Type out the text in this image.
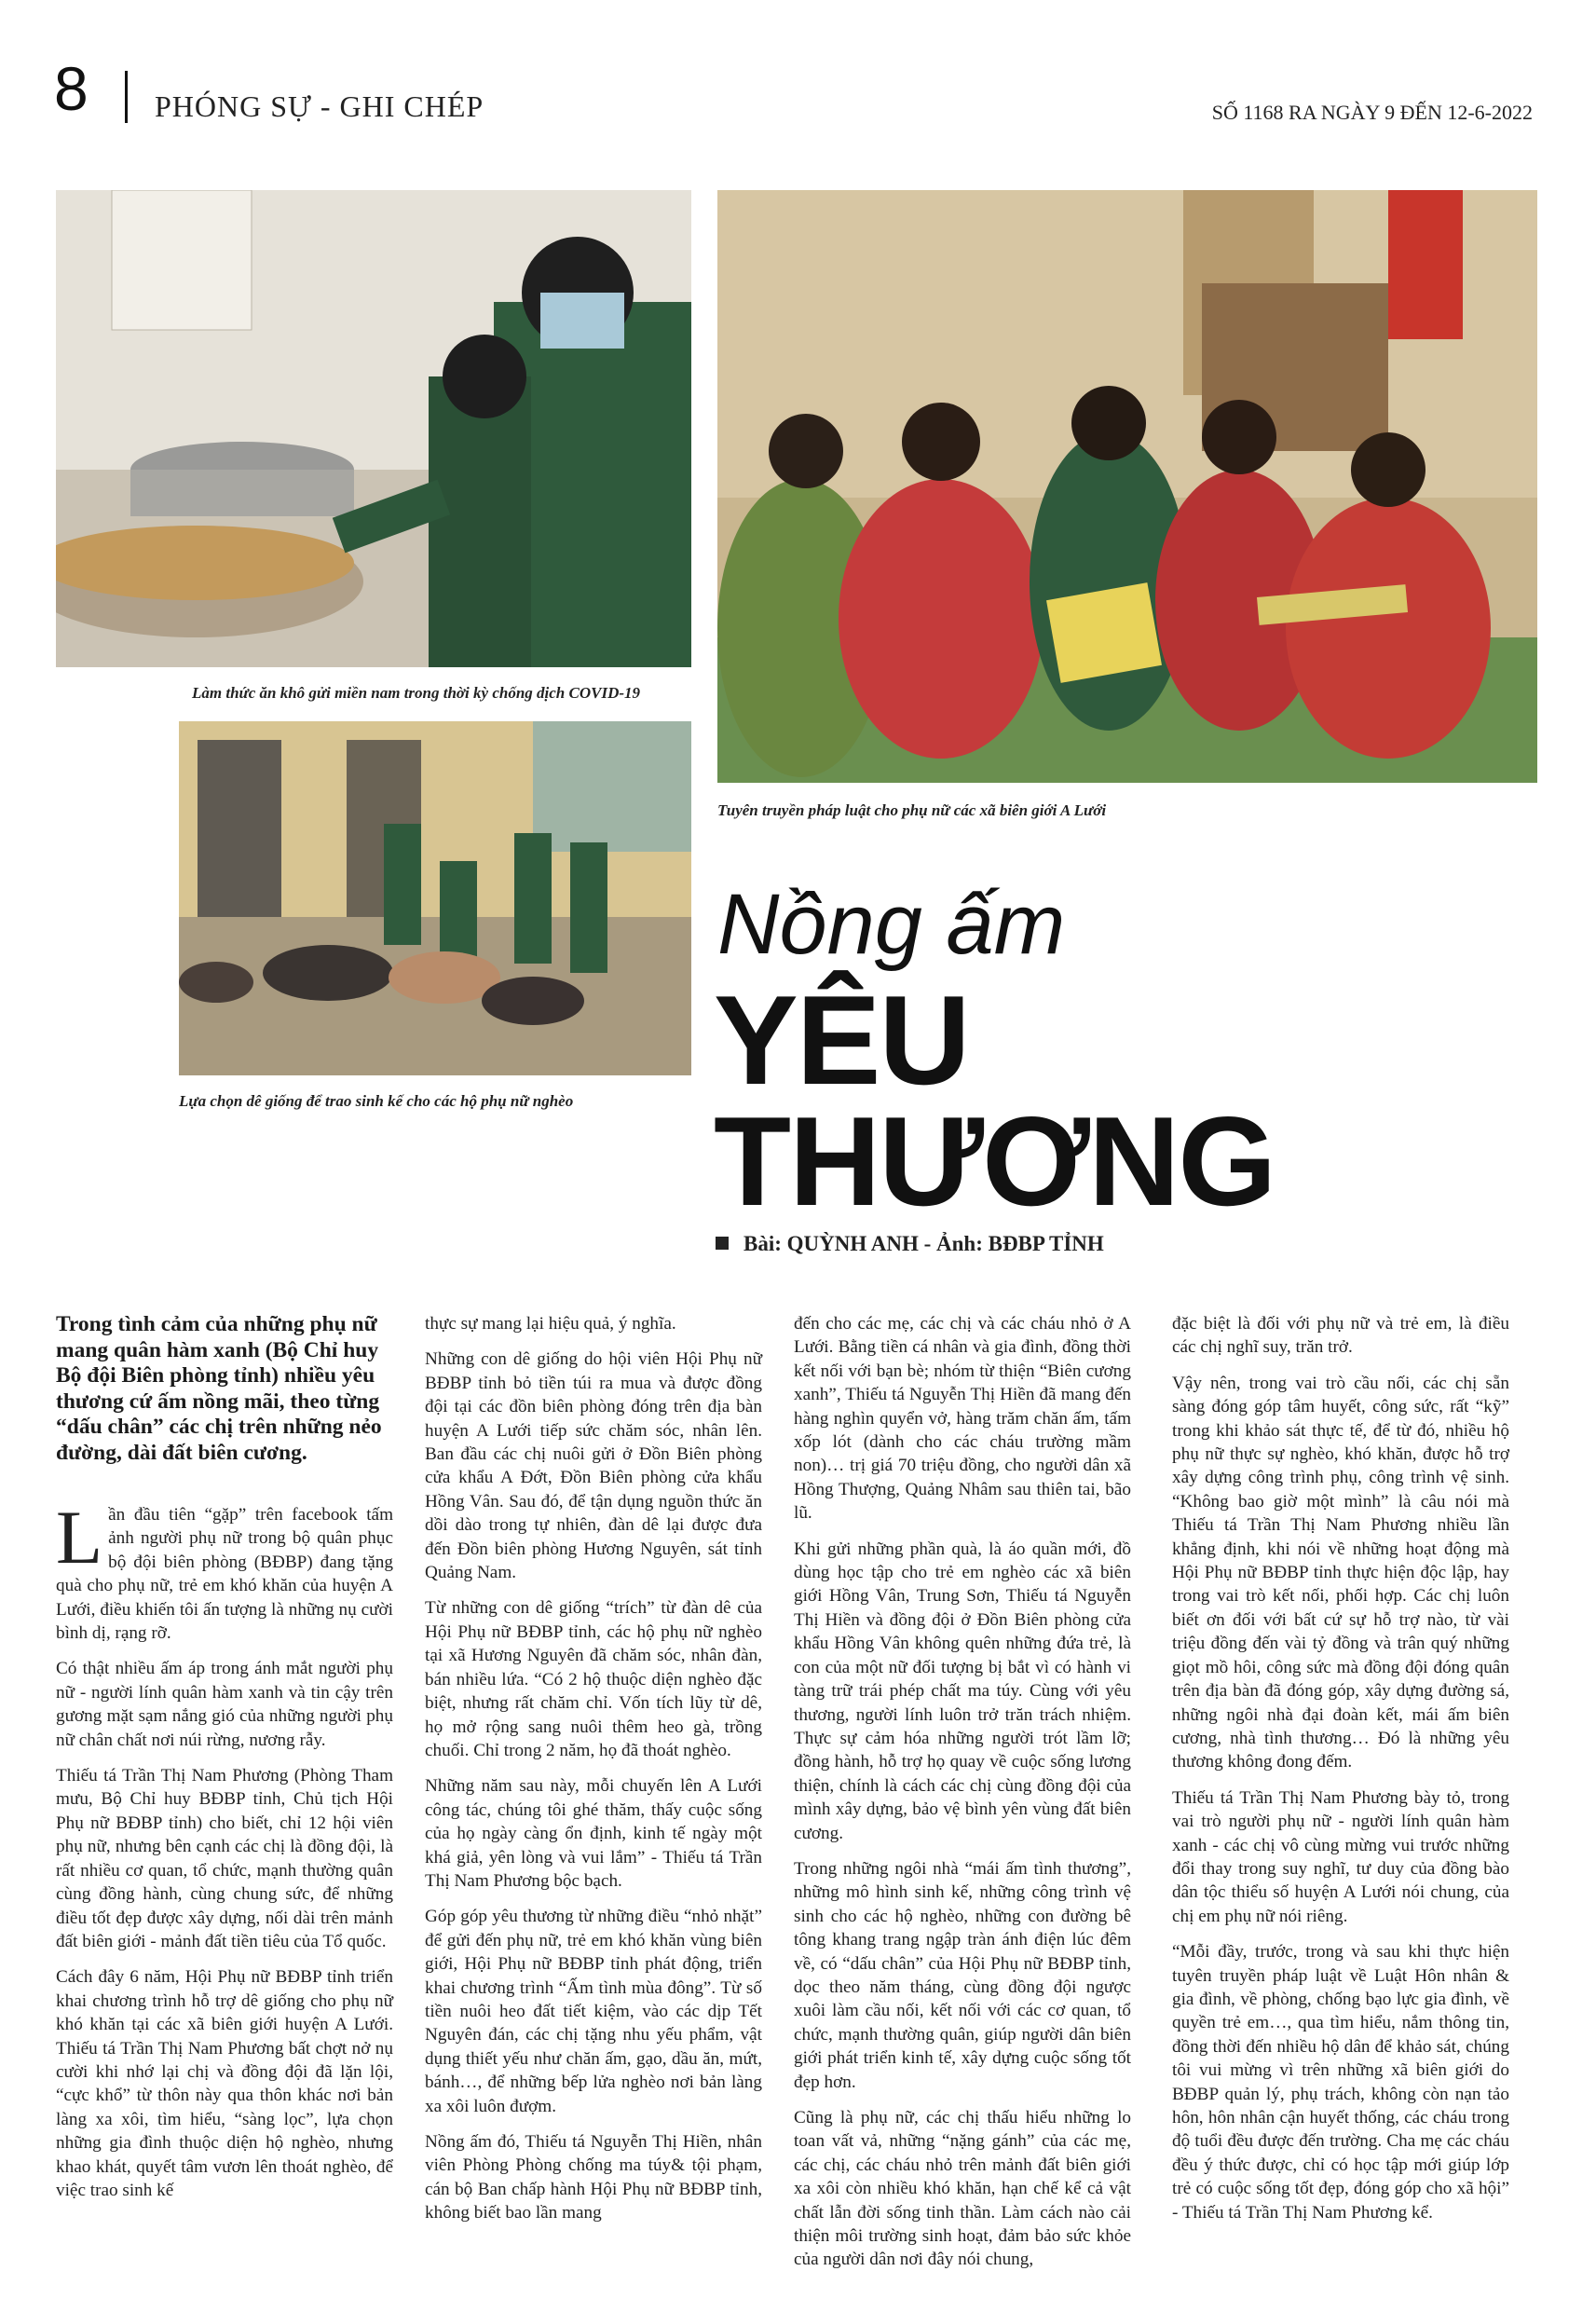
8 PHÓNG SỰ - GHI CHÉP	SỐ 1168 RA NGÀY 9 ĐẾN 12-6-2022
Làm thức ăn khô gửi miền nam trong thời kỳ chống dịch COVID-19
Tuyên truyền pháp luật cho phụ nữ các xã biên giới A Lưới
Lựa chọn dê giống để trao sinh kế cho các hộ phụ nữ nghèo
Nồng ấm
YÊU
THƯƠNG
Bài: QUỲNH ANH - Ảnh: BĐBP TỈNH

Trong tình cảm của những phụ nữ mang quân hàm xanh (Bộ Chỉ huy Bộ đội Biên phòng tỉnh) nhiều yêu thương cứ ấm nồng mãi, theo từng “dấu chân” các chị trên những nẻo đường, dài đất biên cương.

Lần đầu tiên “gặp” trên facebook tấm ảnh người phụ nữ trong bộ quân phục bộ đội biên phòng (BĐBP) đang tặng quà cho phụ nữ, trẻ em khó khăn của huyện A Lưới, điều khiến tôi ấn tượng là những nụ cười bình dị, rạng rỡ.

Có thật nhiều ấm áp trong ánh mắt người phụ nữ - người lính quân hàm xanh và tin cậy trên gương mặt sạm nắng gió của những người phụ nữ chân chất nơi núi rừng, nương rẫy.

Thiếu tá Trần Thị Nam Phương (Phòng Tham mưu, Bộ Chỉ huy BĐBP tỉnh, Chủ tịch Hội Phụ nữ BĐBP tỉnh) cho biết, chỉ 12 hội viên phụ nữ, nhưng bên cạnh các chị là đồng đội, là rất nhiều cơ quan, tổ chức, mạnh thường quân cùng đồng hành, cùng chung sức, để những điều tốt đẹp được xây dựng, nối dài trên mảnh đất biên giới - mảnh đất tiền tiêu của Tổ quốc.

Cách đây 6 năm, Hội Phụ nữ BĐBP tỉnh triển khai chương trình hỗ trợ dê giống cho phụ nữ khó khăn tại các xã biên giới huyện A Lưới. Thiếu tá Trần Thị Nam Phương bất chợt nở nụ cười khi nhớ lại chị và đồng đội đã lặn lội, “cực khổ” từ thôn này qua thôn khác nơi bản làng xa xôi, tìm hiểu, “sàng lọc”, lựa chọn những gia đình thuộc diện hộ nghèo, nhưng khao khát, quyết tâm vươn lên thoát nghèo, để việc trao sinh kế

thực sự mang lại hiệu quả, ý nghĩa.

Những con dê giống do hội viên Hội Phụ nữ BĐBP tỉnh bỏ tiền túi ra mua và được đồng đội tại các đồn biên phòng đóng trên địa bàn huyện A Lưới tiếp sức chăm sóc, nhân lên. Ban đầu các chị nuôi gửi ở Đồn Biên phòng cửa khẩu A Đớt, Đồn Biên phòng cửa khẩu Hồng Vân. Sau đó, để tận dụng nguồn thức ăn dồi dào trong tự nhiên, đàn dê lại được đưa đến Đồn biên phòng Hương Nguyên, sát tỉnh Quảng Nam.

Từ những con dê giống “trích” từ đàn dê của Hội Phụ nữ BĐBP tỉnh, các hộ phụ nữ nghèo tại xã Hương Nguyên đã chăm sóc, nhân đàn, bán nhiều lứa. “Có 2 hộ thuộc diện nghèo đặc biệt, nhưng rất chăm chỉ. Vốn tích lũy từ dê, họ mở rộng sang nuôi thêm heo gà, trồng chuối. Chỉ trong 2 năm, họ đã thoát nghèo.

Những năm sau này, mỗi chuyến lên A Lưới công tác, chúng tôi ghé thăm, thấy cuộc sống của họ ngày càng ổn định, kinh tế ngày một khá giả, yên lòng và vui lắm” - Thiếu tá Trần Thị Nam Phương bộc bạch.

Góp góp yêu thương từ những điều “nhỏ nhặt” để gửi đến phụ nữ, trẻ em khó khăn vùng biên giới, Hội Phụ nữ BĐBP tỉnh phát động, triển khai chương trình “Ấm tình mùa đông”. Từ số tiền nuôi heo đất tiết kiệm, vào các dịp Tết Nguyên đán, các chị tặng nhu yếu phẩm, vật dụng thiết yếu như chăn ấm, gạo, dầu ăn, mứt, bánh…, để những bếp lửa nghèo nơi bản làng xa xôi luôn đượm.

Nồng ấm đó, Thiếu tá Nguyễn Thị Hiền, nhân viên Phòng Phòng chống ma túy& tội phạm, cán bộ Ban chấp hành Hội Phụ nữ BĐBP tỉnh, không biết bao lần mang

đến cho các mẹ, các chị và các cháu nhỏ ở A Lưới. Bằng tiền cá nhân và gia đình, đồng thời kết nối với bạn bè; nhóm từ thiện “Biên cương xanh”, Thiếu tá Nguyễn Thị Hiền đã mang đến hàng nghìn quyển vở, hàng trăm chăn ấm, tấm xốp lót (dành cho các cháu trường mầm non)… trị giá 70 triệu đồng, cho người dân xã Hồng Thượng, Quảng Nhâm sau thiên tai, bão lũ.

Khi gửi những phần quà, là áo quần mới, đồ dùng học tập cho trẻ em nghèo các xã biên giới Hồng Vân, Trung Sơn, Thiếu tá Nguyễn Thị Hiền và đồng đội ở Đồn Biên phòng cửa khẩu Hồng Vân không quên những đứa trẻ, là con của một nữ đối tượng bị bắt vì có hành vi tàng trữ trái phép chất ma túy. Cùng với yêu thương, người lính luôn trở trăn trách nhiệm. Thực sự cảm hóa những người trót lầm lỡ; đồng hành, hỗ trợ họ quay về cuộc sống lương thiện, chính là cách các chị cùng đồng đội của mình xây dựng, bảo vệ bình yên vùng đất biên cương.

Trong những ngôi nhà “mái ấm tình thương”, những mô hình sinh kế, những công trình vệ sinh cho các hộ nghèo, những con đường bê tông khang trang ngập tràn ánh điện lúc đêm về, có “dấu chân” của Hội Phụ nữ BĐBP tỉnh, dọc theo năm tháng, cùng đồng đội ngược xuôi làm cầu nối, kết nối với các cơ quan, tổ chức, mạnh thường quân, giúp người dân biên giới phát triển kinh tế, xây dựng cuộc sống tốt đẹp hơn.

Cũng là phụ nữ, các chị thấu hiểu những lo toan vất vả, những “nặng gánh” của các mẹ, các chị, các cháu nhỏ trên mảnh đất biên giới xa xôi còn nhiều khó khăn, hạn chế kể cả vật chất lẫn đời sống tinh thần. Làm cách nào cải thiện môi trường sinh hoạt, đảm bảo sức khỏe của người dân nơi đây nói chung,

đặc biệt là đối với phụ nữ và trẻ em, là điều các chị nghĩ suy, trăn trở.

Vậy nên, trong vai trò cầu nối, các chị sẵn sàng đóng góp tâm huyết, công sức, rất “kỹ” trong khi khảo sát thực tế, để từ đó, nhiều hộ phụ nữ thực sự nghèo, khó khăn, được hỗ trợ xây dựng công trình phụ, công trình vệ sinh. “Không bao giờ một mình” là câu nói mà Thiếu tá Trần Thị Nam Phương nhiều lần khẳng định, khi nói về những hoạt động mà Hội Phụ nữ BĐBP tỉnh thực hiện độc lập, hay trong vai trò kết nối, phối hợp. Các chị luôn biết ơn đối với bất cứ sự hỗ trợ nào, từ vài triệu đồng đến vài tỷ đồng và trân quý những giọt mồ hôi, công sức mà đồng đội đóng quân trên địa bàn đã đóng góp, xây dựng đường sá, những ngôi nhà đại đoàn kết, mái ấm biên cương, nhà tình thương… Đó là những yêu thương không đong đếm.

Thiếu tá Trần Thị Nam Phương bày tỏ, trong vai trò người phụ nữ - người lính quân hàm xanh - các chị vô cùng mừng vui trước những đổi thay trong suy nghĩ, tư duy của đồng bào dân tộc thiểu số huyện A Lưới nói chung, của chị em phụ nữ nói riêng.

“Mỗi đầy, trước, trong và sau khi thực hiện tuyên truyền pháp luật về Luật Hôn nhân & gia đình, về phòng, chống bạo lực gia đình, về quyền trẻ em…, qua tìm hiểu, nắm thông tin, đồng thời đến nhiều hộ dân để khảo sát, chúng tôi vui mừng vì trên những xã biên giới do BĐBP quản lý, phụ trách, không còn nạn tảo hôn, hôn nhân cận huyết thống, các cháu trong độ tuổi đều được đến trường. Cha mẹ các cháu đều ý thức được, chỉ có học tập mới giúp lớp trẻ có cuộc sống tốt đẹp, đóng góp cho xã hội” - Thiếu tá Trần Thị Nam Phương kể.
